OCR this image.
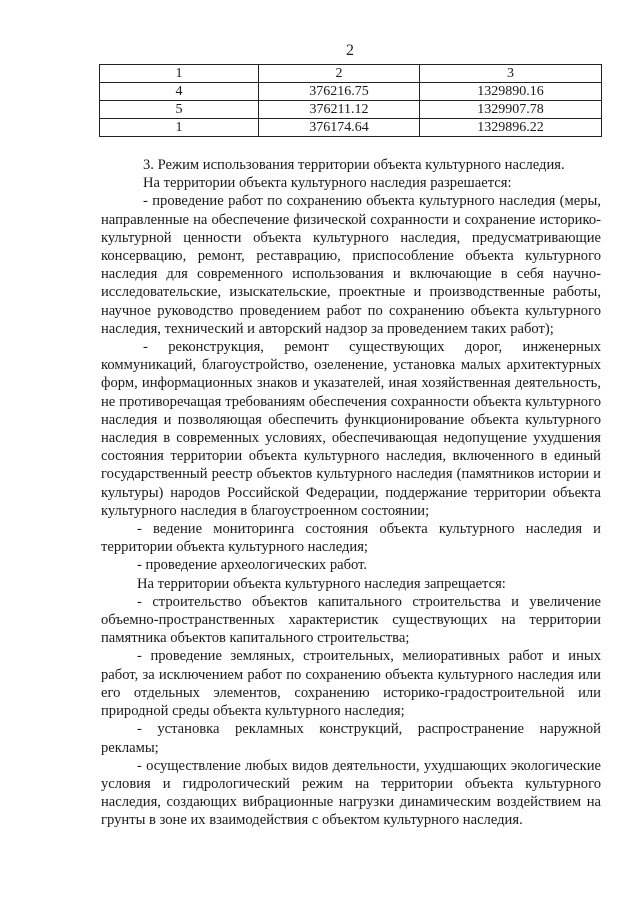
2
1	2	3
4	376216.75	1329890.16
5	376211.12	1329907.78
1	376174.64	1329896.22

3. Режим использования территории объекта культурного наследия.

На территории объекта культурного наследия разрешается:

- проведение работ по сохранению объекта культурного наследия (меры, направленные на обеспечение физической сохранности и сохранение историко-культурной ценности объекта культурного наследия, предусматривающие консервацию, ремонт, реставрацию, приспособление объекта культурного наследия для современного использования и включающие в себя научно-исследовательские, изыскательские, проектные и производственные работы, научное руководство проведением работ по сохранению объекта культурного наследия, технический и авторский надзор за проведением таких работ);

- реконструкция, ремонт существующих дорог, инженерных коммуникаций, благоустройство, озеленение, установка малых архитектурных форм, информационных знаков и указателей, иная хозяйственная деятельность, не противоречащая требованиям обеспечения сохранности объекта культурного наследия и позволяющая обеспечить функционирование объекта культурного наследия в современных условиях, обеспечивающая недопущение ухудшения состояния территории объекта культурного наследия, включенного в единый государственный реестр объектов культурного наследия (памятников истории и культуры) народов Российской Федерации, поддержание территории объекта культурного наследия в благоустроенном состоянии;

- ведение мониторинга состояния объекта культурного наследия и территории объекта культурного наследия;

- проведение археологических работ.

На территории объекта культурного наследия запрещается:

- строительство объектов капитального строительства и увеличение объемно-пространственных характеристик существующих на территории памятника объектов капитального строительства;

- проведение земляных, строительных, мелиоративных работ и иных работ, за исключением работ по сохранению объекта культурного наследия или его отдельных элементов, сохранению историко-градостроительной или природной среды объекта культурного наследия;

- установка рекламных конструкций, распространение наружной рекламы;

- осуществление любых видов деятельности, ухудшающих экологические условия и гидрологический режим на территории объекта культурного наследия, создающих вибрационные нагрузки динамическим воздействием на грунты в зоне их взаимодействия с объектом культурного наследия.
